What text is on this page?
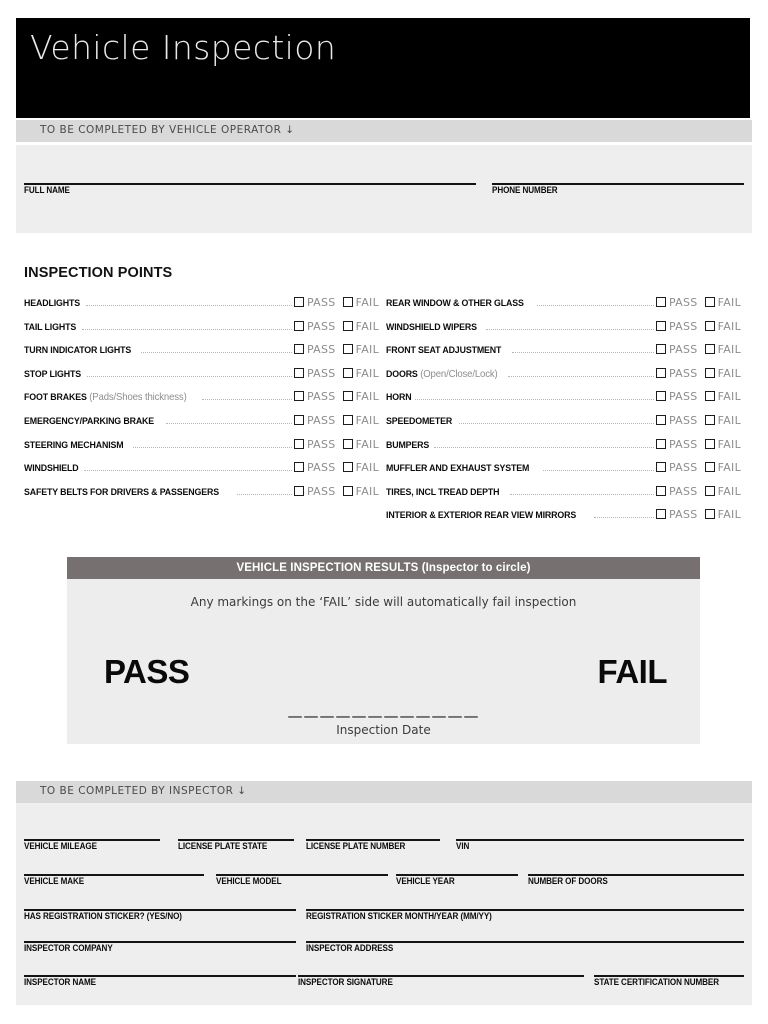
Vehicle Inspection
TO BE COMPLETED BY VEHICLE OPERATOR ↓
FULL NAME	PHONE NUMBER
INSPECTION POINTS
HEADLIGHTS	PASS FAIL
TAIL LIGHTS	PASS FAIL
TURN INDICATOR LIGHTS	PASS FAIL
STOP LIGHTS	PASS FAIL
FOOT BRAKES (Pads/Shoes thickness)	PASS FAIL
EMERGENCY/PARKING BRAKE	PASS FAIL
STEERING MECHANISM	PASS FAIL
WINDSHIELD	PASS FAIL
SAFETY BELTS FOR DRIVERS & PASSENGERS	PASS FAIL
REAR WINDOW & OTHER GLASS	PASS FAIL
WINDSHIELD WIPERS	PASS FAIL
FRONT SEAT ADJUSTMENT	PASS FAIL
DOORS (Open/Close/Lock)	PASS FAIL
HORN	PASS FAIL
SPEEDOMETER	PASS FAIL
BUMPERS	PASS FAIL
MUFFLER AND EXHAUST SYSTEM	PASS FAIL
TIRES, INCL TREAD DEPTH	PASS FAIL
INTERIOR & EXTERIOR REAR VIEW MIRRORS	PASS FAIL
VEHICLE INSPECTION RESULTS (Inspector to circle)
Any markings on the ‘FAIL’ side will automatically fail inspection
PASS	FAIL
————————————
Inspection Date
TO BE COMPLETED BY INSPECTOR ↓
VEHICLE MILEAGE	LICENSE PLATE STATE	LICENSE PLATE NUMBER	VIN
VEHICLE MAKE	VEHICLE MODEL	VEHICLE YEAR	NUMBER OF DOORS
HAS REGISTRATION STICKER? (YES/NO)	REGISTRATION STICKER MONTH/YEAR (MM/YY)
INSPECTOR COMPANY	INSPECTOR ADDRESS
INSPECTOR NAME	INSPECTOR SIGNATURE	STATE CERTIFICATION NUMBER
